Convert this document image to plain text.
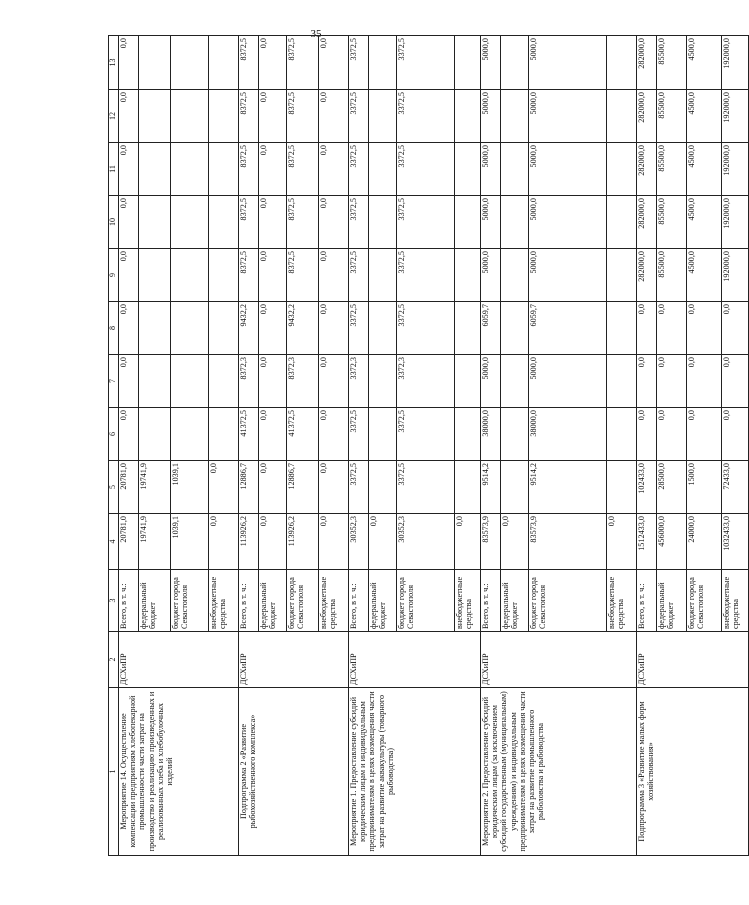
35
1	2	3	4	5	6	7	8	9	10	11	12	13
Мероприятие 14. Осуществление компенсации предприятиям хлебопекарной промышленности части затрат на производство и реализацию произведенных и реализованных хлеба и хлебобулочных изделий	ДСХиПР	Всего, в т. ч.:	20781,0	20781,0	0,0	0,0	0,0	0,0	0,0	0,0	0,0	0,0
		федеральный бюджет	19741,9	19741,9								
		бюджет города Севастополя	1039,1	1039,1								
		внебюджетные средства	0,0	0,0								
Подпрограмма 2 «Развитие рыбохозяйственного комплекса»	ДСХиПР	Всего, в т. ч.:	113926,2	12886,7	41372,5	8372,3	9432,2	8372,5	8372,5	8372,5	8372,5	8372,5
		федеральный бюджет	0,0	0,0	0,0	0,0	0,0	0,0	0,0	0,0	0,0	0,0
		бюджет города Севастополя	113926,2	12886,7	41372,5	8372,3	9432,2	8372,5	8372,5	8372,5	8372,5	8372,5
		внебюджетные средства	0,0	0,0	0,0	0,0	0,0	0,0	0,0	0,0	0,0	0,0
Мероприятие 1. Предоставление субсидий юридическим лицам и индивидуальным предпринимателям в целях возмещения части затрат на развитие аквакультуры (товарного рыбоводства)	ДСХиПР	Всего, в т. ч.:	30352,3	3372,5	3372,5	3372,3	3372,5	3372,5	3372,5	3372,5	3372,5	3372,5
		федеральный бюджет	0,0									
		бюджет города Севастополя	30352,3	3372,5	3372,5	3372,3	3372,5	3372,5	3372,5	3372,5	3372,5	3372,5
		внебюджетные средства	0,0									
Мероприятие 2. Предоставление субсидий юридическим лицам (за исключением субсидий государственным (муниципальным) учреждениям) и индивидуальным предпринимателям в целях возмещения части затрат на развитие промышленного рыболовства и рыбоводства	ДСХиПР	Всего, в т. ч.:	83573,9	9514,2	38000,0	5000,0	6059,7	5000,0	5000,0	5000,0	5000,0	5000,0
		федеральный бюджет	0,0									
		бюджет города Севастополя	83573,9	9514,2	38000,0	5000,0	6059,7	5000,0	5000,0	5000,0	5000,0	5000,0
		внебюджетные средства	0,0									
Подпрограмма 3 «Развитие малых форм хозяйствования»	ДСХиПР	Всего, в т. ч.:	1512433,0	102433,0	0,0	0,0	0,0	282000,0	282000,0	282000,0	282000,0	282000,0
		федеральный бюджет	456000,0	28500,0	0,0	0,0	0,0	85500,0	85500,0	85500,0	85500,0	85500,0
		бюджет города Севастополя	24000,0	1500,0	0,0	0,0	0,0	4500,0	4500,0	4500,0	4500,0	4500,0
		внебюджетные средства	1032433,0	72433,0	0,0	0,0	0,0	192000,0	192000,0	192000,0	192000,0	192000,0
